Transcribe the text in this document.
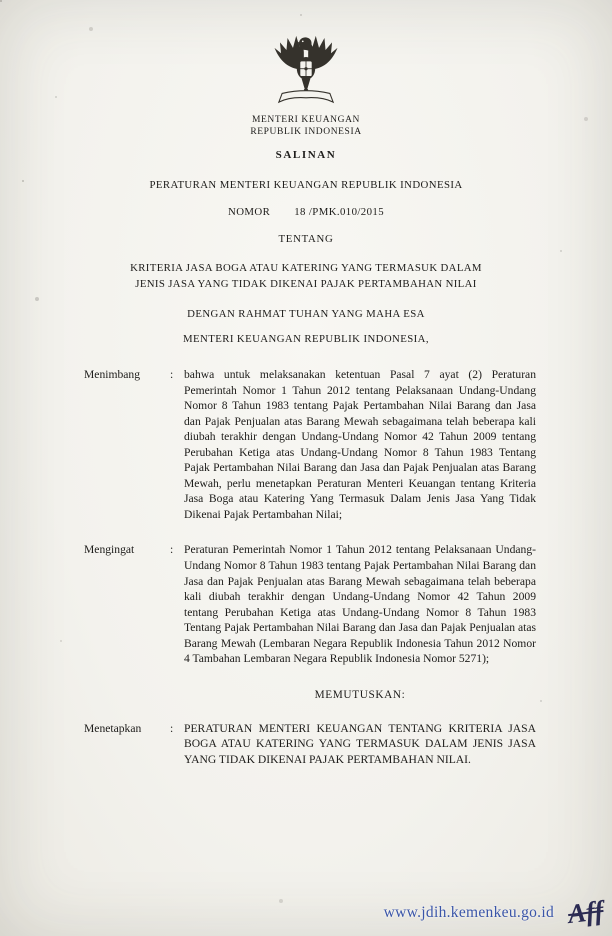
MENTERI KEUANGAN
REPUBLIK INDONESIA
SALINAN
PERATURAN MENTERI KEUANGAN REPUBLIK INDONESIA
NOMOR 18 /PMK.010/2015
TENTANG
KRITERIA JASA BOGA ATAU KATERING YANG TERMASUK DALAM
JENIS JASA YANG TIDAK DIKENAI PAJAK PERTAMBAHAN NILAI
DENGAN RAHMAT TUHAN YANG MAHA ESA
MENTERI KEUANGAN REPUBLIK INDONESIA,
Menimbang	: bahwa untuk melaksanakan ketentuan Pasal 7 ayat (2) Peraturan Pemerintah Nomor 1 Tahun 2012 tentang Pelaksanaan Undang-Undang Nomor 8 Tahun 1983 tentang Pajak Pertambahan Nilai Barang dan Jasa dan Pajak Penjualan atas Barang Mewah sebagaimana telah beberapa kali diubah terakhir dengan Undang-Undang Nomor 42 Tahun 2009 tentang Perubahan Ketiga atas Undang-Undang Nomor 8 Tahun 1983 Tentang Pajak Pertambahan Nilai Barang dan Jasa dan Pajak Penjualan atas Barang Mewah, perlu menetapkan Peraturan Menteri Keuangan tentang Kriteria Jasa Boga atau Katering Yang Termasuk Dalam Jenis Jasa Yang Tidak Dikenai Pajak Pertambahan Nilai;
Mengingat	: Peraturan Pemerintah Nomor 1 Tahun 2012 tentang Pelaksanaan Undang-Undang Nomor 8 Tahun 1983 tentang Pajak Pertambahan Nilai Barang dan Jasa dan Pajak Penjualan atas Barang Mewah sebagaimana telah beberapa kali diubah terakhir dengan Undang-Undang Nomor 42 Tahun 2009 tentang Perubahan Ketiga atas Undang-Undang Nomor 8 Tahun 1983 Tentang Pajak Pertambahan Nilai Barang dan Jasa dan Pajak Penjualan atas Barang Mewah (Lembaran Negara Republik Indonesia Tahun 2012 Nomor 4 Tambahan Lembaran Negara Republik Indonesia Nomor 5271);
MEMUTUSKAN:
Menetapkan	: PERATURAN MENTERI KEUANGAN TENTANG KRITERIA JASA BOGA ATAU KATERING YANG TERMASUK DALAM JENIS JASA YANG TIDAK DIKENAI PAJAK PERTAMBAHAN NILAI.
www.jdih.kemenkeu.go.id Aff
